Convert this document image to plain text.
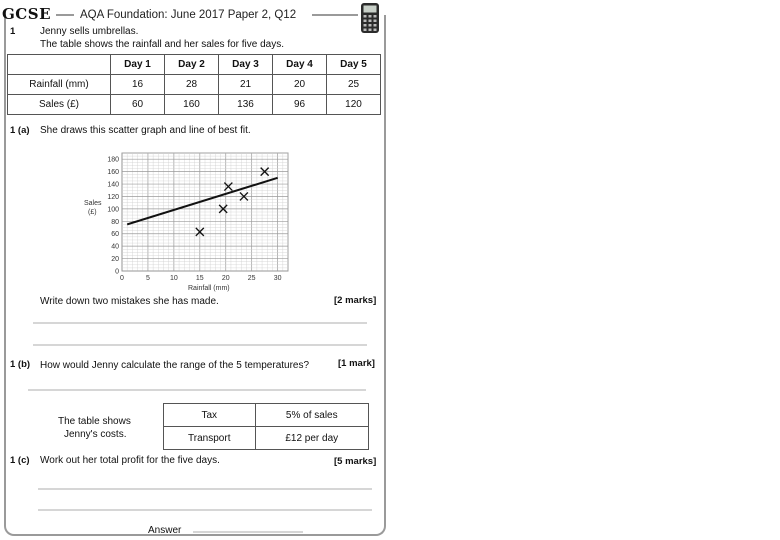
GCSE	AQA Foundation: June 2017 Paper 2, Q12
1 Jenny sells umbrellas.
The table shows the rainfall and her sales for five days.
	Day 1	Day 2	Day 3	Day 4	Day 5
Rainfall (mm)	16	28	21	20	25
Sales (£)	60	160	136	96	120
1 (a) She draws this scatter graph and line of best fit.
0
20
40
60
80
100
120
140
160
180
0	5	10	15	20	25	30
Sales
(£)
Rainfall (mm)
Write down two mistakes she has made.	[2 marks]
1 (b) How would Jenny calculate the range of the 5 temperatures?	[1 mark]
The table shows
Jenny's costs.
Tax	5% of sales
Transport	£12 per day
1 (c) Work out her total profit for the five days.	[5 marks]
Answer
